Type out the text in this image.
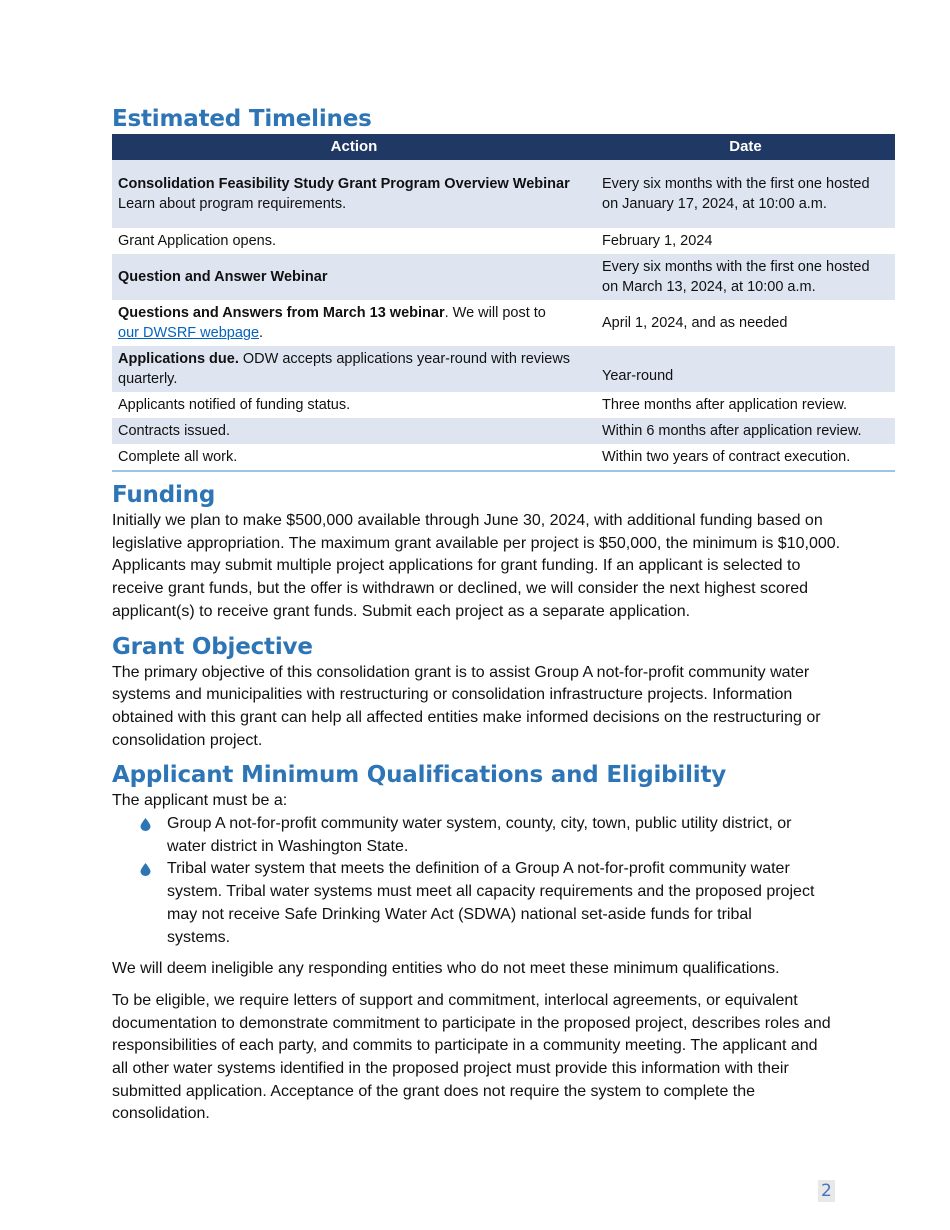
Estimated Timelines
Action	Date
Consolidation Feasibility Study Grant Program Overview Webinar
Learn about program requirements.	Every six months with the first one hosted on January 17, 2024, at 10:00 a.m.
Grant Application opens.	February 1, 2024
Question and Answer Webinar	Every six months with the first one hosted on March 13, 2024, at 10:00 a.m.
Questions and Answers from March 13 webinar. We will post to
our DWSRF webpage.	April 1, 2024, and as needed
Applications due. ODW accepts applications year-round with reviews quarterly.	Year-round
Applicants notified of funding status.	Three months after application review.
Contracts issued.	Within 6 months after application review.
Complete all work.	Within two years of contract execution.
Funding

Initially we plan to make $500,000 available through June 30, 2024, with additional funding based on legislative appropriation. The maximum grant available per project is $50,000, the minimum is $10,000. Applicants may submit multiple project applications for grant funding. If an applicant is selected to receive grant funds, but the offer is withdrawn or declined, we will consider the next highest scored applicant(s) to receive grant funds. Submit each project as a separate application.

Grant Objective

The primary objective of this consolidation grant is to assist Group A not-for-profit community water systems and municipalities with restructuring or consolidation infrastructure projects. Information obtained with this grant can help all affected entities make informed decisions on the restructuring or consolidation project.

Applicant Minimum Qualifications and Eligibility

The applicant must be a:

Group A not-for-profit community water system, county, city, town, public utility district, or water district in Washington State.
Tribal water system that meets the definition of a Group A not-for-profit community water system. Tribal water systems must meet all capacity requirements and the proposed project may not receive Safe Drinking Water Act (SDWA) national set-aside funds for tribal systems.

We will deem ineligible any responding entities who do not meet these minimum qualifications.

To be eligible, we require letters of support and commitment, interlocal agreements, or equivalent documentation to demonstrate commitment to participate in the proposed project, describes roles and responsibilities of each party, and commits to participate in a community meeting. The applicant and all other water systems identified in the proposed project must provide this information with their submitted application. Acceptance of the grant does not require the system to complete the consolidation.

2
